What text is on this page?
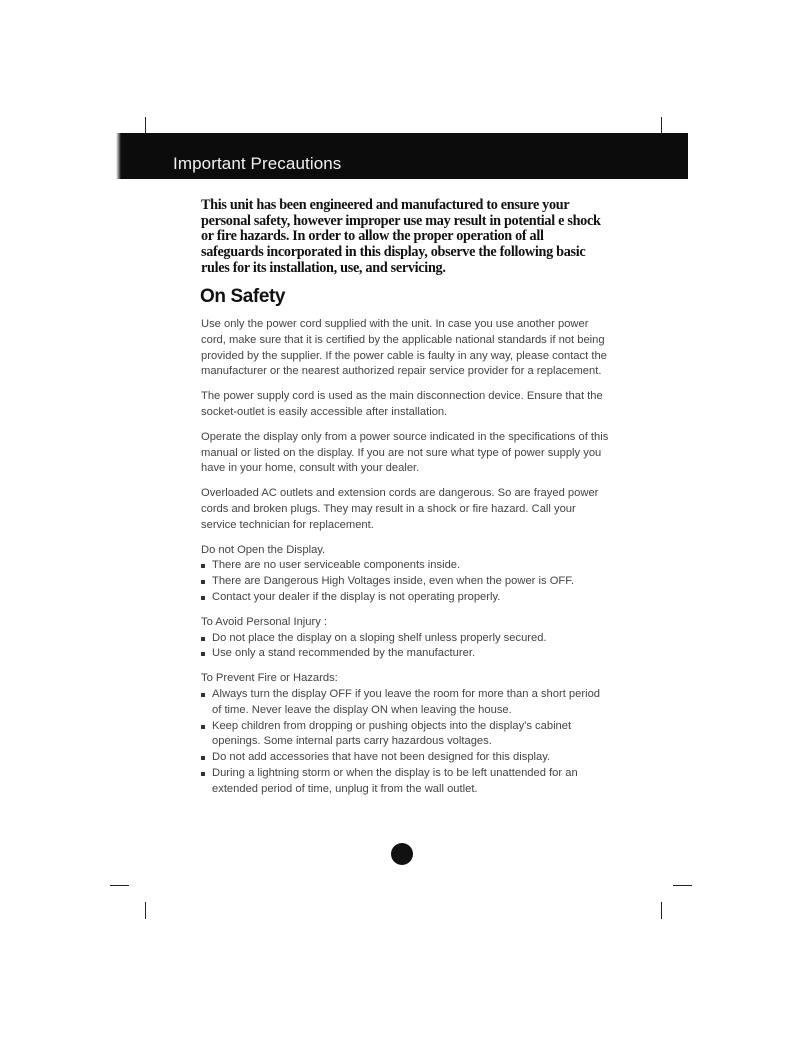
Important Precautions
This unit has been engineered and manufactured to ensure your personal safety, however improper use may result in potential e shock or fire hazards. In order to allow the proper operation of all safeguards incorporated in this display, observe the following basic rules for its installation, use, and servicing.
On Safety

Use only the power cord supplied with the unit. In case you use another power cord, make sure that it is certified by the applicable national standards if not being provided by the supplier. If the power cable is faulty in any way, please contact the manufacturer or the nearest authorized repair service provider for a replacement.

The power supply cord is used as the main disconnection device. Ensure that the socket-outlet is easily accessible after installation.

Operate the display only from a power source indicated in the specifications of this manual or listed on the display. If you are not sure what type of power supply you have in your home, consult with your dealer.

Overloaded AC outlets and extension cords are dangerous. So are frayed power cords and broken plugs. They may result in a shock or fire hazard. Call your service technician for replacement.

Do not Open the Display.
There are no user serviceable components inside.
There are Dangerous High Voltages inside, even when the power is OFF.
Contact your dealer if the display is not operating properly.
To Avoid Personal Injury :
Do not place the display on a sloping shelf unless properly secured.
Use only a stand recommended by the manufacturer.
To Prevent Fire or Hazards:
Always turn the display OFF if you leave the room for more than a short period of time. Never leave the display ON when leaving the house.
Keep children from dropping or pushing objects into the display's cabinet openings. Some internal parts carry hazardous voltages.
Do not add accessories that have not been designed for this display.
During a lightning storm or when the display is to be left unattended for an extended period of time, unplug it from the wall outlet.
